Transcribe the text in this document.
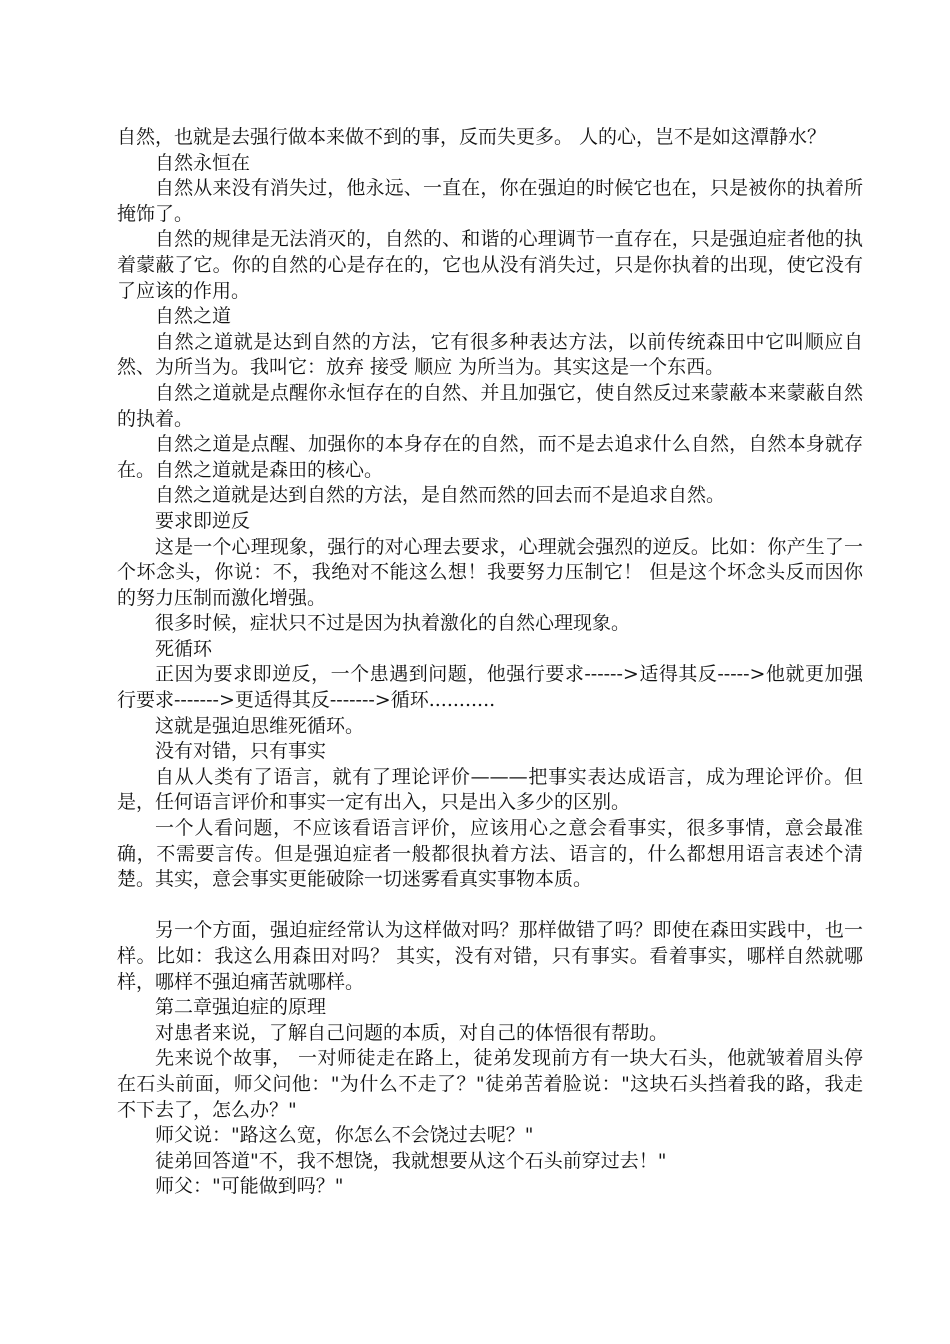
自然，也就是去强行做本来做不到的事，反而失更多。 人的心，岂不是如这潭静水？

自然永恒在

自然从来没有消失过，他永远、一直在，你在强迫的时候它也在，只是被你的执着所掩饰了。

自然的规律是无法消灭的，自然的、和谐的心理调节一直存在，只是强迫症者他的执着蒙蔽了它。你的自然的心是存在的，它也从没有消失过，只是你执着的出现，使它没有了应该的作用。

自然之道

自然之道就是达到自然的方法，它有很多种表达方法，以前传统森田中它叫顺应自然、为所当为。我叫它：放弃 接受 顺应 为所当为。其实这是一个东西。

自然之道就是点醒你永恒存在的自然、并且加强它，使自然反过来蒙蔽本来蒙蔽自然的执着。

自然之道是点醒、加强你的本身存在的自然，而不是去追求什么自然，自然本身就存在。自然之道就是森田的核心。

自然之道就是达到自然的方法，是自然而然的回去而不是追求自然。

要求即逆反

这是一个心理现象，强行的对心理去要求，心理就会强烈的逆反。比如：你产生了一个坏念头，你说：不，我绝对不能这么想！我要努力压制它！ 但是这个坏念头反而因你的努力压制而激化增强。

很多时候，症状只不过是因为执着激化的自然心理现象。

死循环

正因为要求即逆反，一个患遇到问题，他强行要求------>适得其反----->他就更加强行要求------->更适得其反------->循环...........

这就是强迫思维死循环。

没有对错，只有事实

自从人类有了语言，就有了理论评价———把事实表达成语言，成为理论评价。但是，任何语言评价和事实一定有出入，只是出入多少的区别。

一个人看问题，不应该看语言评价，应该用心之意会看事实，很多事情，意会最准确，不需要言传。但是强迫症者一般都很执着方法、语言的，什么都想用语言表述个清楚。其实，意会事实更能破除一切迷雾看真实事物本质。

另一个方面，强迫症经常认为这样做对吗？那样做错了吗？即使在森田实践中，也一样。比如：我这么用森田对吗？ 其实，没有对错，只有事实。看着事实，哪样自然就哪样，哪样不强迫痛苦就哪样。

第二章强迫症的原理

对患者来说，了解自己问题的本质，对自己的体悟很有帮助。

先来说个故事， 一对师徒走在路上，徒弟发现前方有一块大石头，他就皱着眉头停在石头前面，师父问他："为什么不走了？"徒弟苦着脸说："这块石头挡着我的路，我走不下去了，怎么办？"

师父说："路这么宽，你怎么不会饶过去呢？"

徒弟回答道"不，我不想饶，我就想要从这个石头前穿过去！"

师父："可能做到吗？"
